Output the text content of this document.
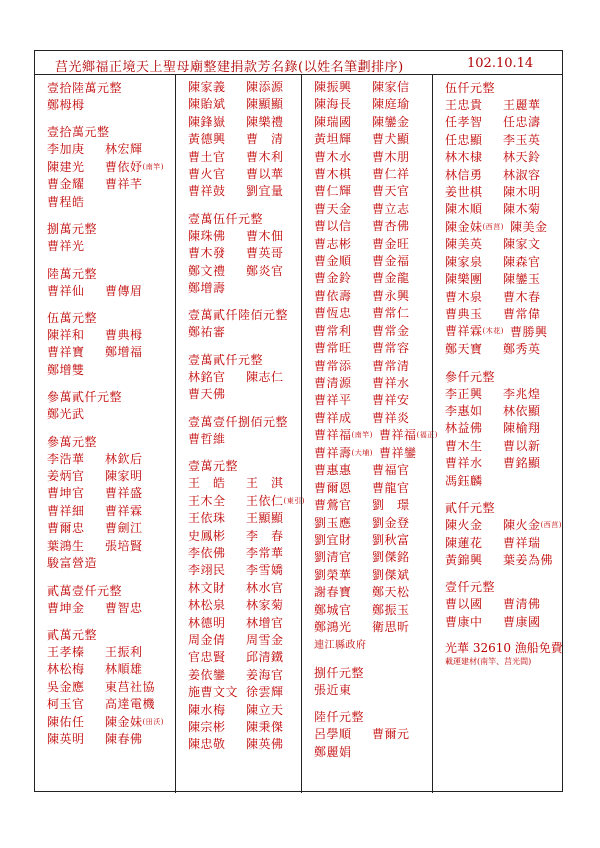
莒光鄉福正境天上聖母廟整建捐款芳名錄(以姓名筆劃排序)	102.10.14
壹拾陸萬元整
鄭栂栂
壹拾萬元整
李加庚 林宏輝
陳建光 曹依妤(南竿)
曹金耀 曹祥芊
曹程皓
捌萬元整
曹祥光
陸萬元整
曹祥仙 曹傳眉
伍萬元整
陳祥和 曹典栂
曹祥寶 鄭增福
鄭增雙
參萬貳仟元整
鄭光武
參萬元整
李浩華 林欽后
姜炳官 陳家明
曹坤官 曹祥盛
曹祥細 曹祥霖
曹爾忠 曹劍江
葉鴻生 張培賢
駿富營造
貳萬壹仟元整
曹坤金 曹智忠
貳萬元整
王孝榛 王振利
林松梅 林順雄
吳金應 東莒社協
柯玉官 高達電機
陳佑任 陳金妹(田沃)
陳英明 陳春佛
陳家義 陳添源
陳貽斌 陳顯顯
陳鋒嶽 陳樂禮
黃德興 曹　清
曹土官 曹木利
曹火官 曹以華
曹祥鼓 劉宜量
壹萬伍仟元整
陳珠佛 曹木佃
曹木發 曹英哥
鄭文禮 鄭炎官
鄭增壽
壹萬貳仟陸佰元整
鄭祐審
壹萬貳仟元整
林銘官 陳志仁
曹天佛
壹萬壹仟捌佰元整
曹哲維
壹萬元整
王　皓 王　淇
王木全 王依仁(東引)
王依珠 王顯顯
史鳳彬 李　春
李依佛 李常華
李翊民 李雪嬌
林文財 林水官
林松泉 林家菊
林德明 林增官
周金倩 周雪金
官忠賢 邱清鐵
姜依鑾 姜海官
施曹文文 徐雲輝
陳水梅 陳立天
陳宗彬 陳秉傑
陳忠敬 陳英佛
陳振興 陳家信
陳海長 陳庭瑜
陳瑞國 陳鑾金
黃坦輝 曹犬顯
曹木水 曹木朋
曹木棋 曹仁祥
曹仁輝 曹天官
曹天金 曹立志
曹以信 曹杏佛
曹志彬 曹金旺
曹金順 曹金福
曹金鈴 曹金龍
曹依壽 曹永興
曹恆忠 曹常仁
曹常利 曹常金
曹常旺 曹常容
曹常添 曹常清
曹清源 曹祥水
曹祥平 曹祥安
曹祥成 曹祥炎
曹祥福(南竿) 曹祥福(福正)
曹祥壽(大埔) 曹祥鑾
曹惠惠 曹福官
曹爾恩 曹龍官
曹鶯官 劉　璟
劉玉應 劉金登
劉宜財 劉秋富
劉清官 劉傑銘
劉榮華 劉傑斌
謝春寶 鄭天松
鄭城官 鄭振玉
鄭鴻光 衛思昕
連江縣政府
捌仟元整
張近東
陸仟元整
呂學順 曹爾元
鄭麗娟
伍仟元整
王忠貴 王麗華
任孝智 任忠濤
任忠顯 李玉英
林木棣 林天鈴
林信勇 林淑容
姜世棋 陳木明
陳木順 陳木菊
陳金妹(西莒) 陳美金
陳美英 陳家文
陳家泉 陳森官
陳樂團 陳鑾玉
曹木泉 曹木春
曹典玉 曹常偉
曹祥霖(木花) 曹勝興
鄭天寶 鄭秀英
參仟元整
李正興 李兆煌
李惠如 林依顯
林益佛 陳榆翔
曹木生 曹以新
曹祥水 曹銘顯
馮鈺麟
貳仟元整
陳火金 陳火金(西莒)
陳蓮花 曹祥瑞
黃錦興 葉姜為佛
壹仟元整
曹以國 曹清佛
曹康中 曹康國
光華 32610 漁船免費
載運建材(南竿、莒光間)
